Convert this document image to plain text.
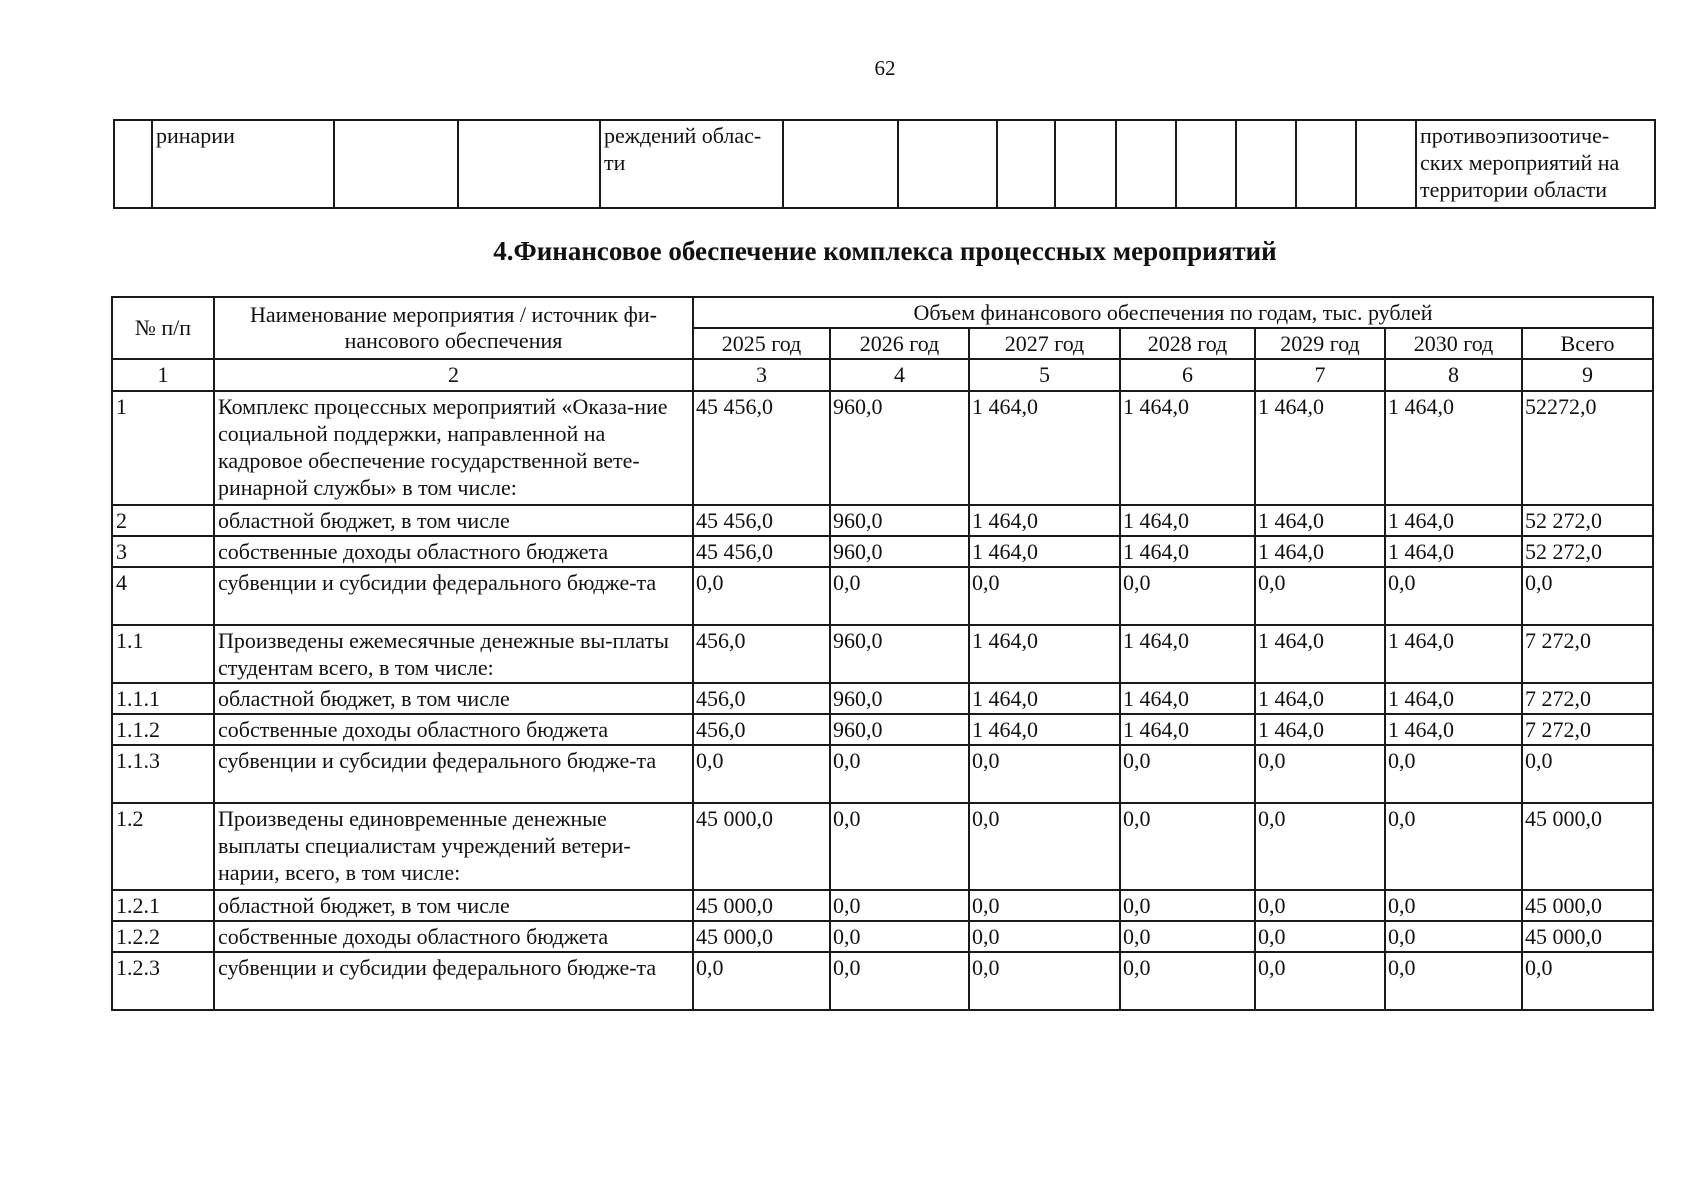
62
	ринарии			реждений облас-ти										противоэпизоотиче-ских мероприятий на территории области
4.Финансовое обеспечение комплекса процессных мероприятий
№ п/п	Наименование мероприятия / источник фи-нансового обеспечения	Объем финансового обеспечения по годам, тыс. рублей						
		2025 год	2026 год	2027 год	2028 год	2029 год	2030 год	Всего
1	2	3	4	5	6	7	8	9
1	Комплекс процессных мероприятий «Оказа-ние социальной поддержки, направленной на кадровое обеспечение государственной вете-ринарной службы» в том числе:	45 456,0	960,0	1 464,0	1 464,0	1 464,0	1 464,0	52272,0
2	областной бюджет, в том числе	45 456,0	960,0	1 464,0	1 464,0	1 464,0	1 464,0	52 272,0
3	собственные доходы областного бюджета	45 456,0	960,0	1 464,0	1 464,0	1 464,0	1 464,0	52 272,0
4	субвенции и субсидии федерального бюдже-та	0,0	0,0	0,0	0,0	0,0	0,0	0,0
1.1	Произведены ежемесячные денежные вы-платы студентам всего, в том числе:	456,0	960,0	1 464,0	1 464,0	1 464,0	1 464,0	7 272,0
1.1.1	областной бюджет, в том числе	456,0	960,0	1 464,0	1 464,0	1 464,0	1 464,0	7 272,0
1.1.2	собственные доходы областного бюджета	456,0	960,0	1 464,0	1 464,0	1 464,0	1 464,0	7 272,0
1.1.3	субвенции и субсидии федерального бюдже-та	0,0	0,0	0,0	0,0	0,0	0,0	0,0
1.2	Произведены единовременные денежные выплаты специалистам учреждений ветери-нарии, всего, в том числе:	45 000,0	0,0	0,0	0,0	0,0	0,0	45 000,0
1.2.1	областной бюджет, в том числе	45 000,0	0,0	0,0	0,0	0,0	0,0	45 000,0
1.2.2	собственные доходы областного бюджета	45 000,0	0,0	0,0	0,0	0,0	0,0	45 000,0
1.2.3	субвенции и субсидии федерального бюдже-та	0,0	0,0	0,0	0,0	0,0	0,0	0,0
